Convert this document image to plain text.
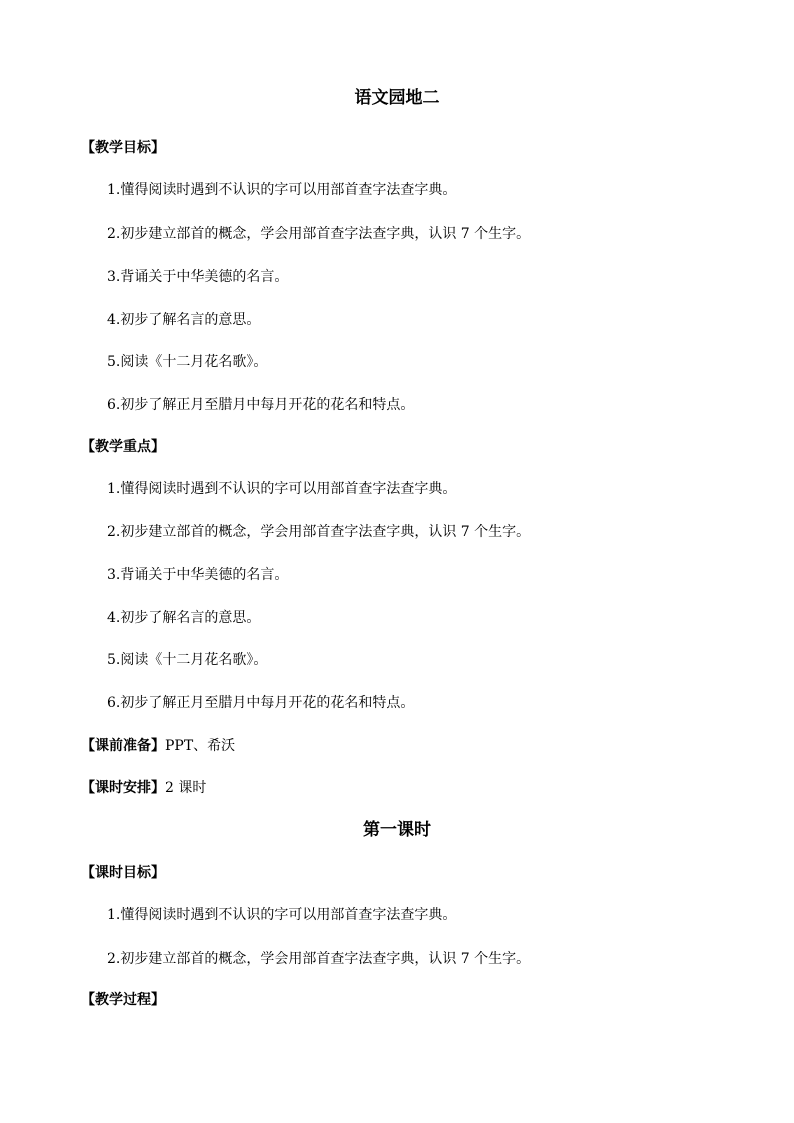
语文园地二
【教学目标】
1.懂得阅读时遇到不认识的字可以用部首查字法查字典。
2.初步建立部首的概念，学会用部首查字法查字典，认识 7 个生字。
3.背诵关于中华美德的名言。
4.初步了解名言的意思。
5.阅读《十二月花名歌》。
6.初步了解正月至腊月中每月开花的花名和特点。
【教学重点】
1.懂得阅读时遇到不认识的字可以用部首查字法查字典。
2.初步建立部首的概念，学会用部首查字法查字典，认识 7 个生字。
3.背诵关于中华美德的名言。
4.初步了解名言的意思。
5.阅读《十二月花名歌》。
6.初步了解正月至腊月中每月开花的花名和特点。
【课前准备】PPT、希沃
【课时安排】2 课时
第一课时
【课时目标】
1.懂得阅读时遇到不认识的字可以用部首查字法查字典。
2.初步建立部首的概念，学会用部首查字法查字典，认识 7 个生字。
【教学过程】
